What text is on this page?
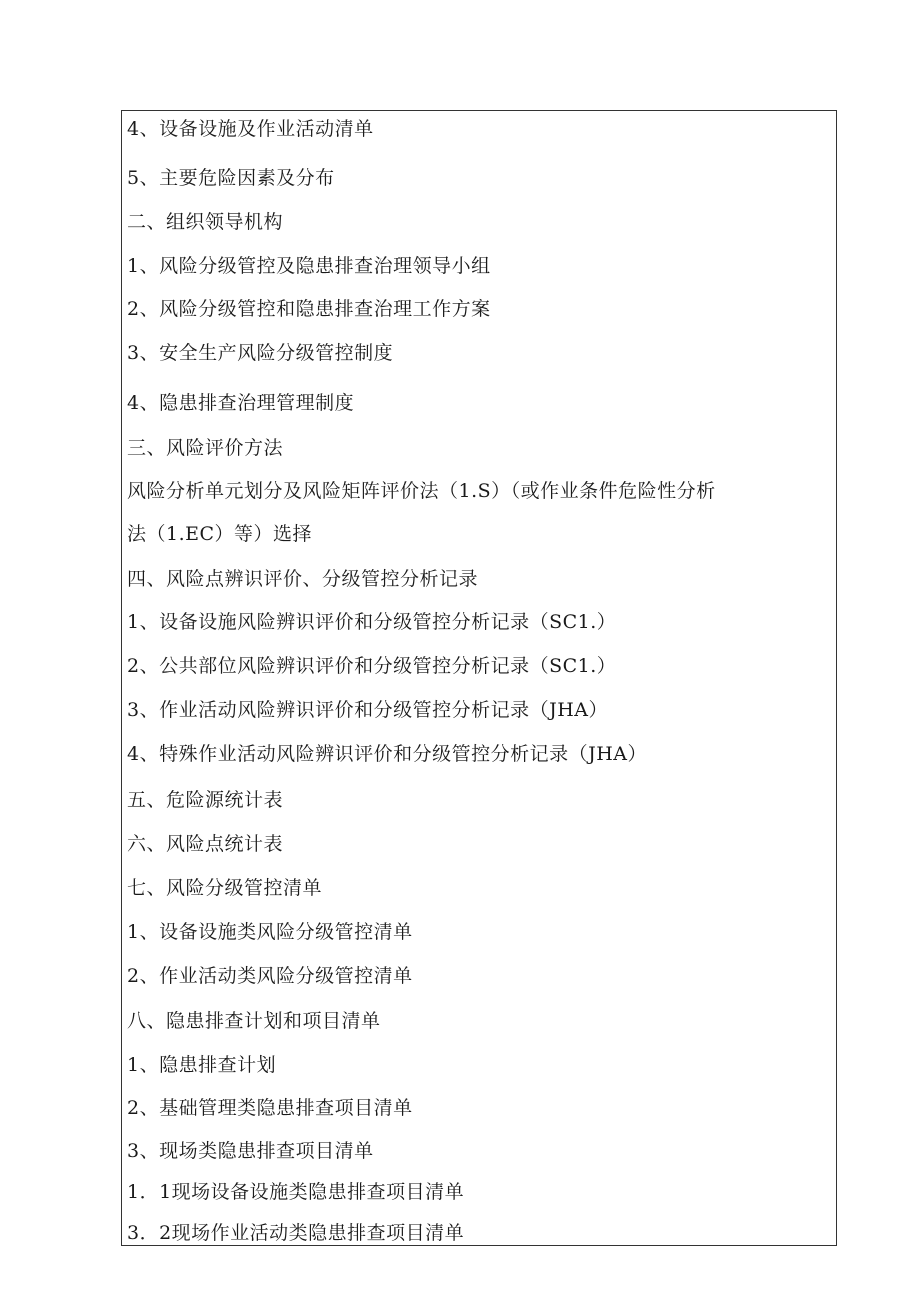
4、设备设施及作业活动清单
5、主要危险因素及分布
二、组织领导机构
1、风险分级管控及隐患排查治理领导小组
2、风险分级管控和隐患排查治理工作方案
3、安全生产风险分级管控制度
4、隐患排查治理管理制度
三、风险评价方法
风险分析单元划分及风险矩阵评价法（1.S）（或作业条件危险性分析
法（1.EC）等）选择
四、风险点辨识评价、分级管控分析记录
1、设备设施风险辨识评价和分级管控分析记录（SC1.）
2、公共部位风险辨识评价和分级管控分析记录（SC1.）
3、作业活动风险辨识评价和分级管控分析记录（JHA）
4、特殊作业活动风险辨识评价和分级管控分析记录（JHA）
五、危险源统计表
六、风险点统计表
七、风险分级管控清单
1、设备设施类风险分级管控清单
2、作业活动类风险分级管控清单
八、隐患排查计划和项目清单
1、隐患排查计划
2、基础管理类隐患排查项目清单
3、现场类隐患排查项目清单
1．1现场设备设施类隐患排查项目清单
3．2现场作业活动类隐患排查项目清单
